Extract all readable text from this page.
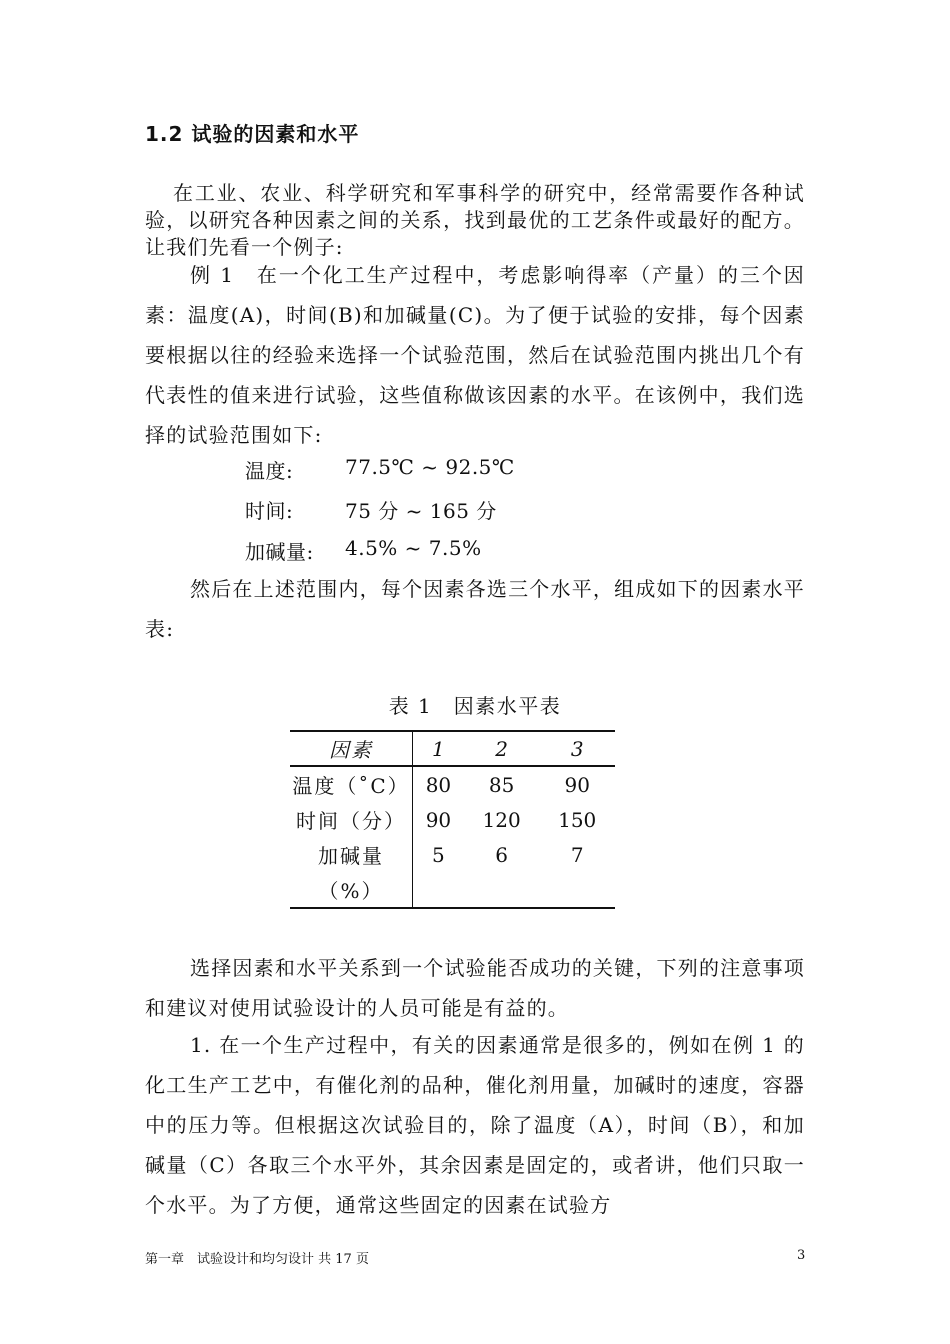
1.2 试验的因素和水平

在工业、农业、科学研究和军事科学的研究中，经常需要作各种试验，以研究各种因素之间的关系，找到最优的工艺条件或最好的配方。让我们先看一个例子:

例 1　在一个化工生产过程中，考虑影响得率（产量）的三个因素：温度(A)，时间(B)和加碱量(C)。为了便于试验的安排，每个因素要根据以往的经验来选择一个试验范围，然后在试验范围内挑出几个有代表性的值来进行试验，这些值称做该因素的水平。在该例中，我们选择的试验范围如下:

温度:	77.5℃ ~ 92.5℃
时间:	75 分 ~ 165 分
加碱量:	4.5% ~ 7.5%

然后在上述范围内，每个因素各选三个水平，组成如下的因素水平表:

表 1　因素水平表
因素	1	2	3
温度（˚C）	80	85	90
时间（分）	90	120	150
加碱量	5	6	7
（%）			

选择因素和水平关系到一个试验能否成功的关键，下列的注意事项和建议对使用试验设计的人员可能是有益的。

1. 在一个生产过程中，有关的因素通常是很多的，例如在例 1 的化工生产工艺中，有催化剂的品种，催化剂用量，加碱时的速度，容器中的压力等。但根据这次试验目的，除了温度（A），时间（B），和加碱量（C）各取三个水平外，其余因素是固定的，或者讲，他们只取一个水平。为了方便，通常这些固定的因素在试验方

第一章　试验设计和均匀设计 共 17 页	3
